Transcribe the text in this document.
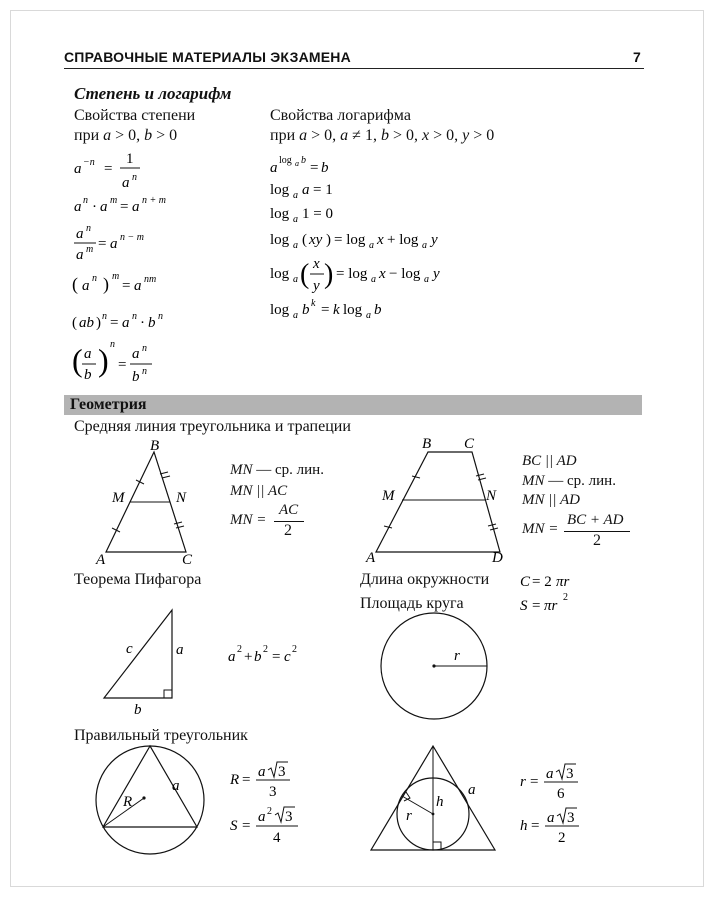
СПРАВОЧНЫЕ МАТЕРИАЛЫ ЭКЗАМЕНА	7
Степень и логарифм
Свойства степени	Свойства логарифма
при a > 0, b > 0	при a > 0, a ≠ 1, b > 0, x > 0, y > 0
a −n =
1
a n
a n · a m = a n + m
a n
a m = a n − m
( a n ) m
= a nm
( ab ) n = a n · b n
( a
b ) n
=
a n
b n
a log a b = b
log a a = 1
log a 1 = 0
log a ( xy ) = log a x + log a y
log a ( x
y ) = log a x − log a y
log a b k = k log a b
Геометрия
Средняя линия треугольника и трапеции
B
M	N
A	C
MN — ср. лин.
MN || AC
MN =
AC
2
B C
M	N
A	D
BC || AD
MN — ср. лин.
MN || AD
MN =
BC + AD
2
Теорема Пифагора
c	a
b
a 2 + b 2 = c 2
Длина окружности C = 2 πr
Площадь круга	S = πr
2
r
Правильный треугольник
R
a	R = a 3
3
S =
a 2 3
4
r
h
a	r = a 3
6
h = a 3
2
